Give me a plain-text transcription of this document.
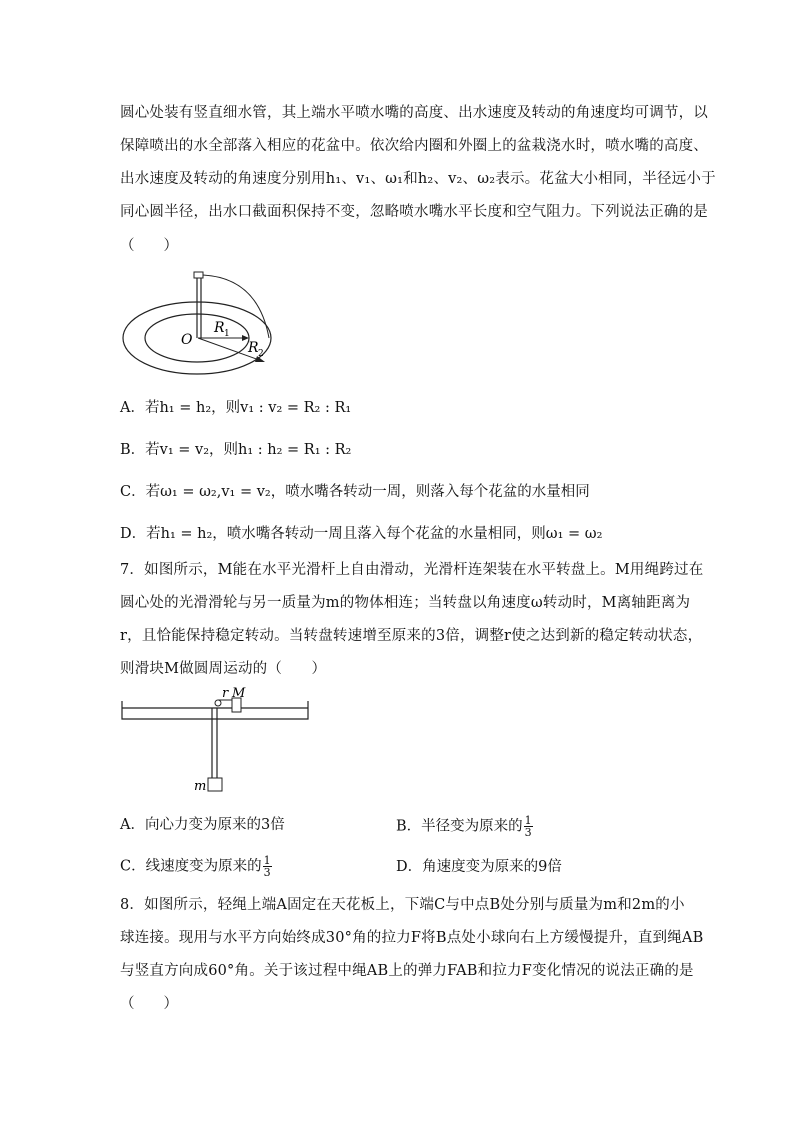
圆心处装有竖直细水管，其上端水平喷水嘴的高度、出水速度及转动的角速度均可调节，以
保障喷出的水全部落入相应的花盆中。依次给内圈和外圈上的盆栽浇水时，喷水嘴的高度、
出水速度及转动的角速度分别用h₁、v₁、ω₁和h₂、v₂、ω₂表示。花盆大小相同，半径远小于
同心圆半径，出水口截面积保持不变，忽略喷水嘴水平长度和空气阻力。下列说法正确的是
（　　）
O
R 1
R 2
A．若h₁ = h₂，则v₁ : v₂ = R₂ : R₁
B．若v₁ = v₂，则h₁ : h₂ = R₁ : R₂
C．若ω₁ = ω₂,v₁ = v₂，喷水嘴各转动一周，则落入每个花盆的水量相同
D．若h₁ = h₂，喷水嘴各转动一周且落入每个花盆的水量相同，则ω₁ = ω₂
7．如图所示，M能在水平光滑杆上自由滑动，光滑杆连架装在水平转盘上。M用绳跨过在
圆心处的光滑滑轮与另一质量为m的物体相连；当转盘以角速度ω转动时，M离轴距离为
r，且恰能保持稳定转动。当转盘转速增至原来的3倍，调整r使之达到新的稳定转动状态，
则滑块M做圆周运动的（　　）
r M
m
A．向心力变为原来的3倍	B．半径变为原来的 $\frac{1}{3}$
C．线速度变为原来的 $\frac{1}{3}$	D．角速度变为原来的9倍
8．如图所示，轻绳上端A固定在天花板上，下端C与中点B处分别与质量为m和2m的小
球连接。现用与水平方向始终成30°角的拉力F将B点处小球向右上方缓慢提升，直到绳AB
与竖直方向成60°角。关于该过程中绳AB上的弹力FAB和拉力F变化情况的说法正确的是
（　　）
